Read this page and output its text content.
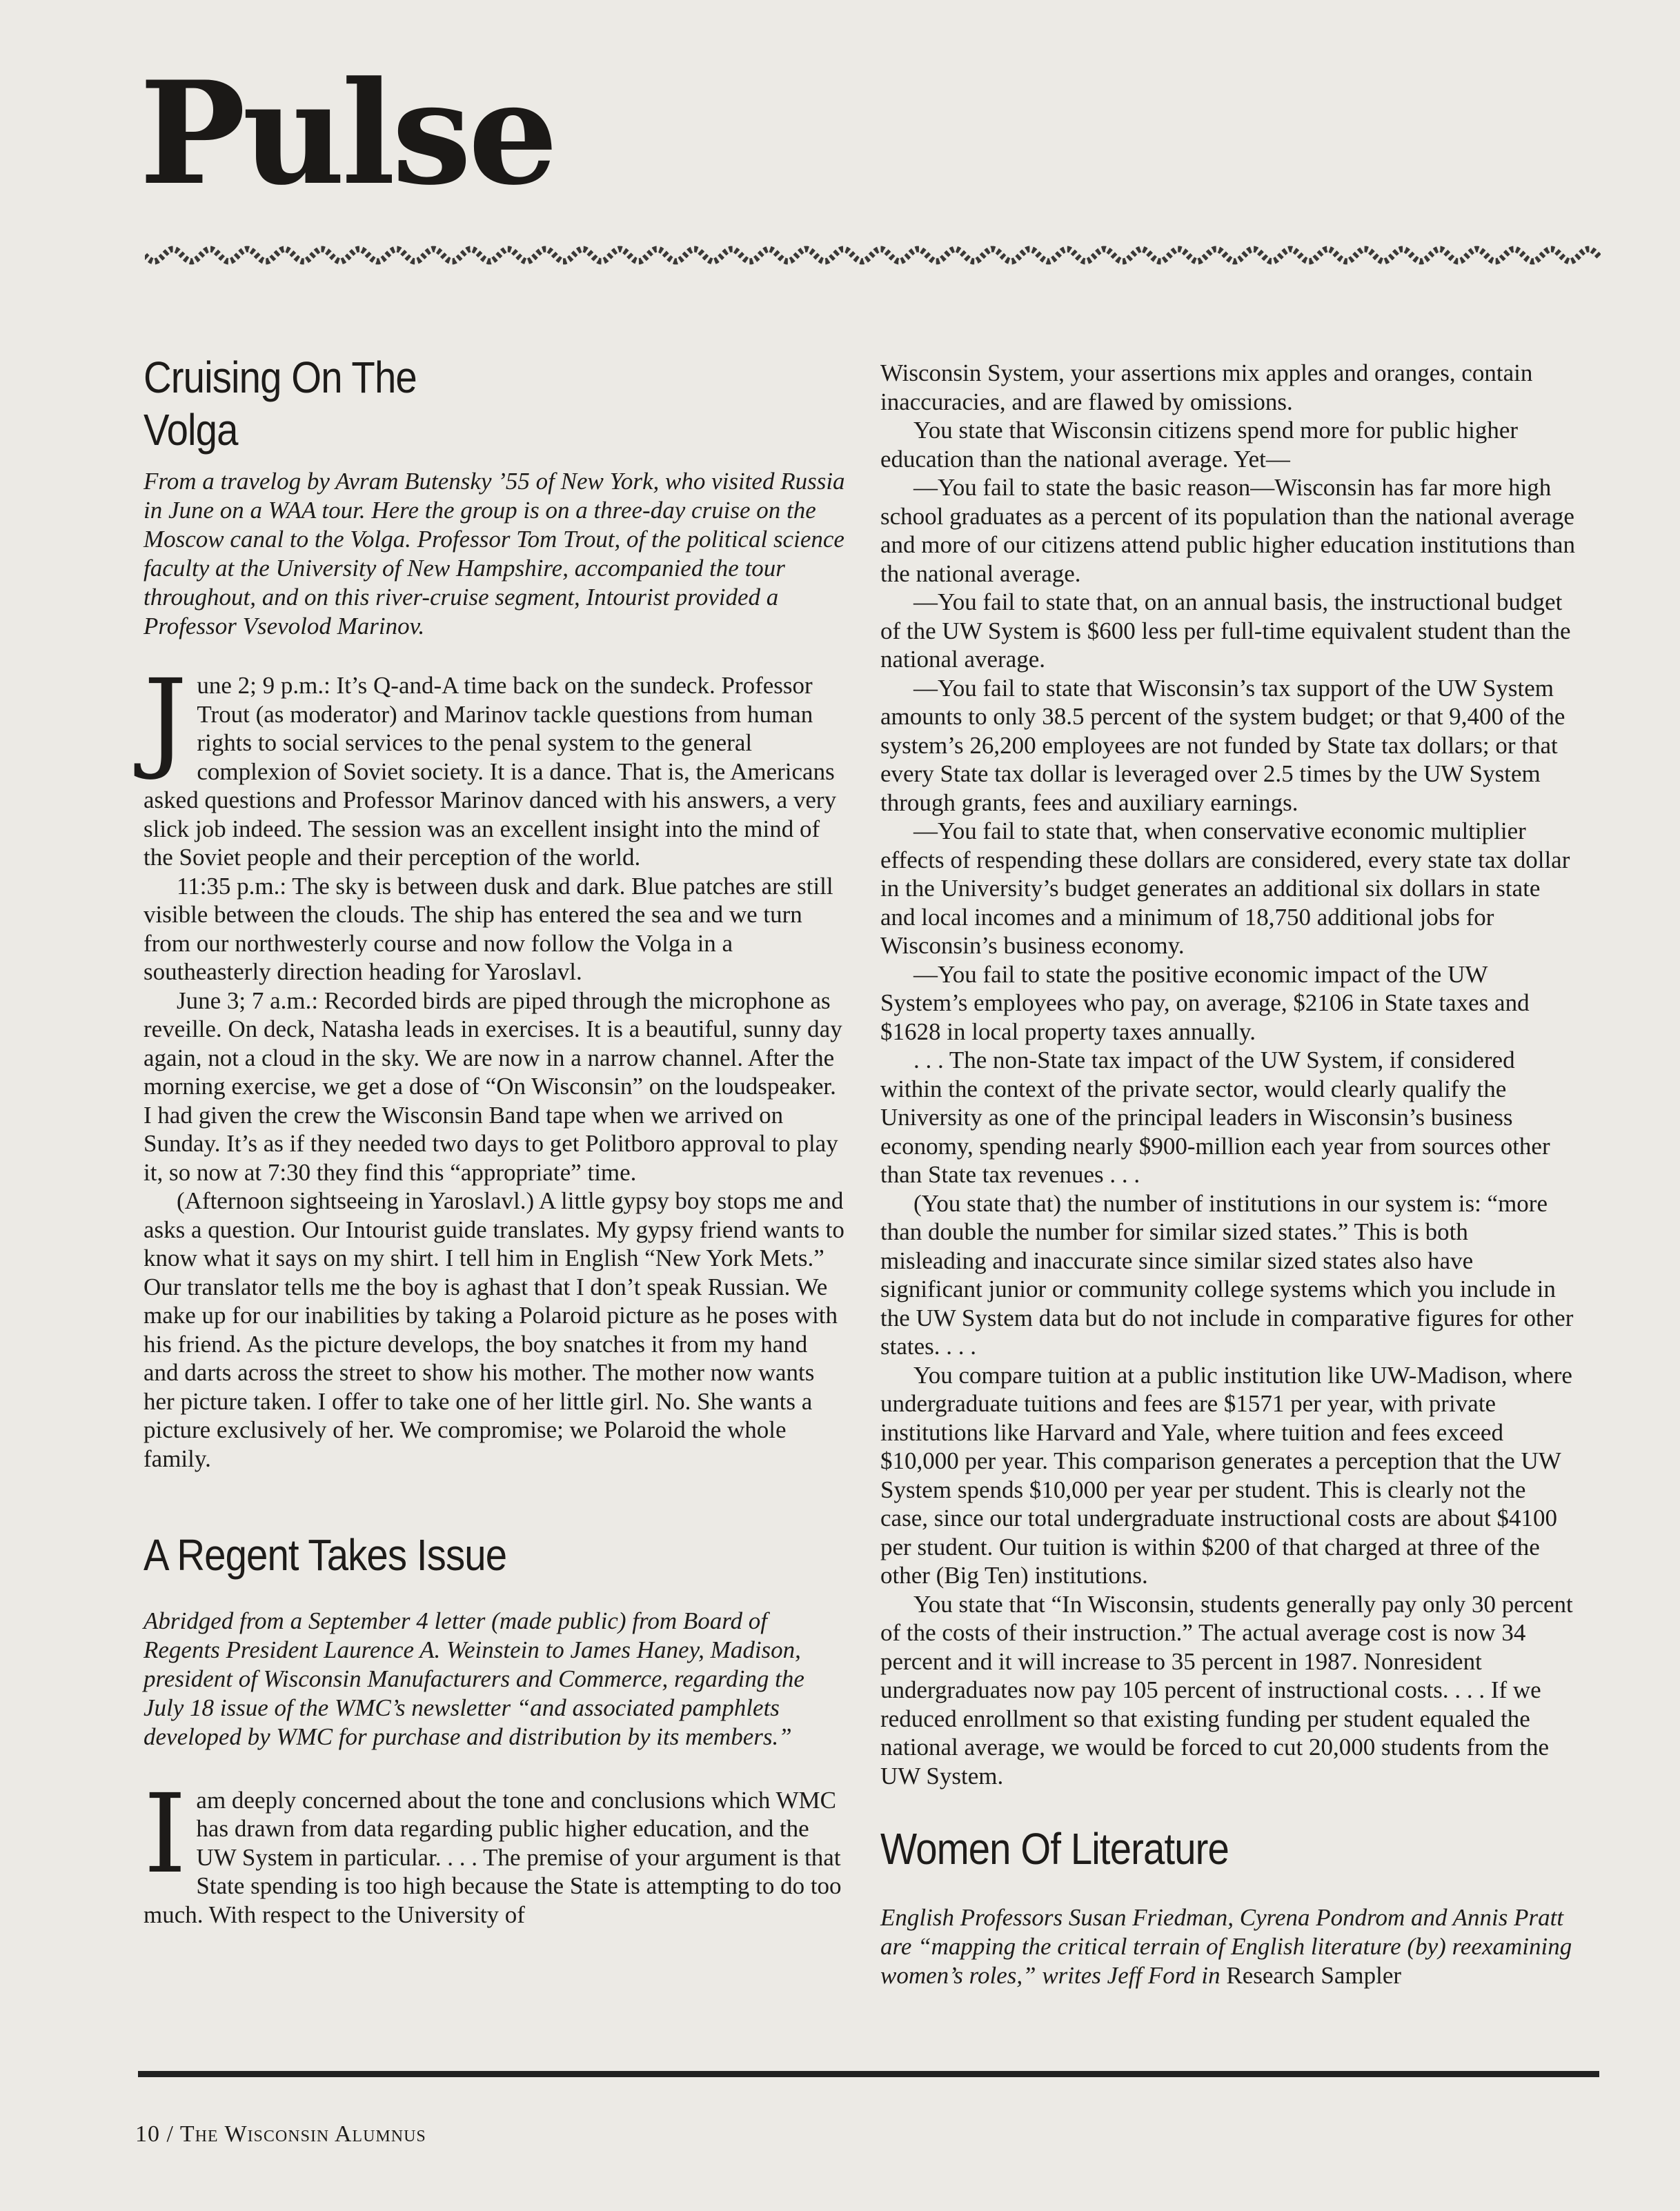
Pulse
Cruising On The Volga

From a travelog by Avram Butensky ’55 of New York, who visited Russia in June on a WAA tour. Here the group is on a three-day cruise on the Moscow canal to the Volga. Professor Tom Trout, of the political science faculty at the University of New Hampshire, accompanied the tour throughout, and on this river-cruise segment, Intourist provided a Professor Vsevolod Marinov.

June 2; 9 p.m.: It’s Q-and-A time back on the sundeck. Professor Trout (as moderator) and Marinov tackle questions from human rights to social services to the penal system to the general complexion of Soviet society. It is a dance. That is, the Americans asked questions and Professor Marinov danced with his answers, a very slick job indeed. The session was an excellent insight into the mind of the Soviet people and their perception of the world.

11:35 p.m.: The sky is between dusk and dark. Blue patches are still visible between the clouds. The ship has entered the sea and we turn from our northwesterly course and now follow the Volga in a southeasterly direction heading for Yaroslavl.

June 3; 7 a.m.: Recorded birds are piped through the microphone as reveille. On deck, Natasha leads in exercises. It is a beautiful, sunny day again, not a cloud in the sky. We are now in a narrow channel. After the morning exercise, we get a dose of “On Wisconsin” on the loudspeaker. I had given the crew the Wisconsin Band tape when we arrived on Sunday. It’s as if they needed two days to get Politboro approval to play it, so now at 7:30 they find this “appropriate” time.

(Afternoon sightseeing in Yaroslavl.) A little gypsy boy stops me and asks a question. Our Intourist guide translates. My gypsy friend wants to know what it says on my shirt. I tell him in English “New York Mets.” Our translator tells me the boy is aghast that I don’t speak Russian. We make up for our inabilities by taking a Polaroid picture as he poses with his friend. As the picture develops, the boy snatches it from my hand and darts across the street to show his mother. The mother now wants her picture taken. I offer to take one of her little girl. No. She wants a picture exclusively of her. We compromise; we Polaroid the whole family.

A Regent Takes Issue

Abridged from a September 4 letter (made public) from Board of Regents President Laurence A. Weinstein to James Haney, Madison, president of Wisconsin Manufacturers and Commerce, regarding the July 18 issue of the WMC’s newsletter “and associated pamphlets developed by WMC for purchase and distribution by its members.”

I am deeply concerned about the tone and conclusions which WMC has drawn from data regarding public higher education, and the UW System in particular. . . . The premise of your argument is that State spending is too high because the State is attempting to do too much. With respect to the University of

Wisconsin System, your assertions mix apples and oranges, contain inaccuracies, and are flawed by omissions.

You state that Wisconsin citizens spend more for public higher education than the national average. Yet—

—You fail to state the basic reason—Wisconsin has far more high school graduates as a percent of its population than the national average and more of our citizens attend public higher education institutions than the national average.

—You fail to state that, on an annual basis, the instructional budget of the UW System is $600 less per full-time equivalent student than the national average.

—You fail to state that Wisconsin’s tax support of the UW System amounts to only 38.5 percent of the system budget; or that 9,400 of the system’s 26,200 employees are not funded by State tax dollars; or that every State tax dollar is leveraged over 2.5 times by the UW System through grants, fees and auxiliary earnings.

—You fail to state that, when conservative economic multiplier effects of respending these dollars are considered, every state tax dollar in the University’s budget generates an additional six dollars in state and local incomes and a minimum of 18,750 additional jobs for Wisconsin’s business economy.

—You fail to state the positive economic impact of the UW System’s employees who pay, on average, $2106 in State taxes and $1628 in local property taxes annually.

. . . The non-State tax impact of the UW System, if considered within the context of the private sector, would clearly qualify the University as one of the principal leaders in Wisconsin’s business economy, spending nearly $900-million each year from sources other than State tax revenues . . .

(You state that) the number of institutions in our system is: “more than double the number for similar sized states.” This is both misleading and inaccurate since similar sized states also have significant junior or community college systems which you include in the UW System data but do not include in comparative figures for other states. . . .

You compare tuition at a public institution like UW-Madison, where undergraduate tuitions and fees are $1571 per year, with private institutions like Harvard and Yale, where tuition and fees exceed $10,000 per year. This comparison generates a perception that the UW System spends $10,000 per year per student. This is clearly not the case, since our total undergraduate instructional costs are about $4100 per student. Our tuition is within $200 of that charged at three of the other (Big Ten) institutions.

You state that “In Wisconsin, students generally pay only 30 percent of the costs of their instruction.” The actual average cost is now 34 percent and it will increase to 35 percent in 1987. Nonresident undergraduates now pay 105 percent of instructional costs. . . . If we reduced enrollment so that existing funding per student equaled the national average, we would be forced to cut 20,000 students from the UW System.

Women Of Literature

English Professors Susan Friedman, Cyrena Pondrom and Annis Pratt are “mapping the critical terrain of English literature (by) reexamining women’s roles,” writes Jeff Ford in Research Sampler

10 / The Wisconsin Alumnus
